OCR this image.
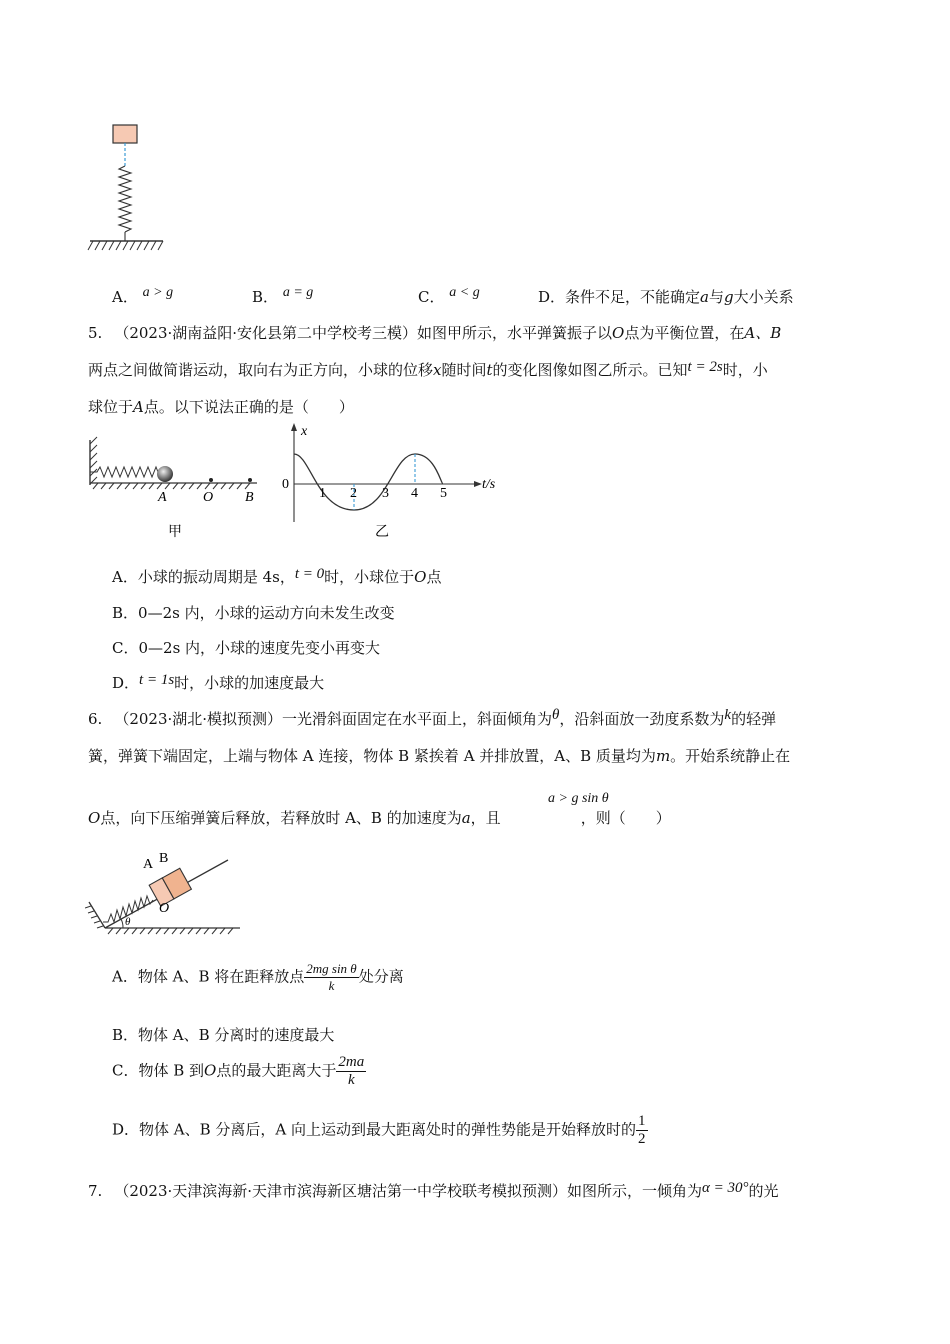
A． a > g	B． a = g	C． a < g	D．条件不足，不能确定a与g大小关系
5. （2023·湖南益阳·安化县第二中学校考三模）如图甲所示，水平弹簧振子以O点为平衡位置，在A、B
两点之间做简谐运动，取向右为正方向，小球的位移x随时间t的变化图像如图乙所示。已知t = 2s时，小
球位于A点。以下说法正确的是（　　）
A	O B
甲
x
t/s
0
1 2 3 4 5
乙
A．小球的振动周期是 4s，t = 0时，小球位于O点
B．0—2s 内，小球的运动方向未发生改变
C．0—2s 内，小球的速度先变小再变大
D．t = 1s时，小球的加速度最大
6. （2023·湖北·模拟预测）一光滑斜面固定在水平面上，斜面倾角为θ，沿斜面放一劲度系数为k的轻弹
簧，弹簧下端固定，上端与物体 A 连接，物体 B 紧挨着 A 并排放置，A、B 质量均为m。开始系统静止在
a > g sin θ
O点，向下压缩弹簧后释放，若释放时 A、B 的加速度为a，且	，则（　　）
θ
A B
O
A．物体 A、B 将在距释放点 $\frac{\text{2mg sin θ}}{k}$ 处分离
B．物体 A、B 分离时的速度最大
C．物体 B 到O点的最大距离大于 $\frac{2ma}{k}$
D．物体 A、B 分离后，A 向上运动到最大距离处时的弹性势能是开始释放时的 $\frac{1}{2}$
7. （2023·天津滨海新·天津市滨海新区塘沽第一中学校联考模拟预测）如图所示，一倾角为α = 30°的光
